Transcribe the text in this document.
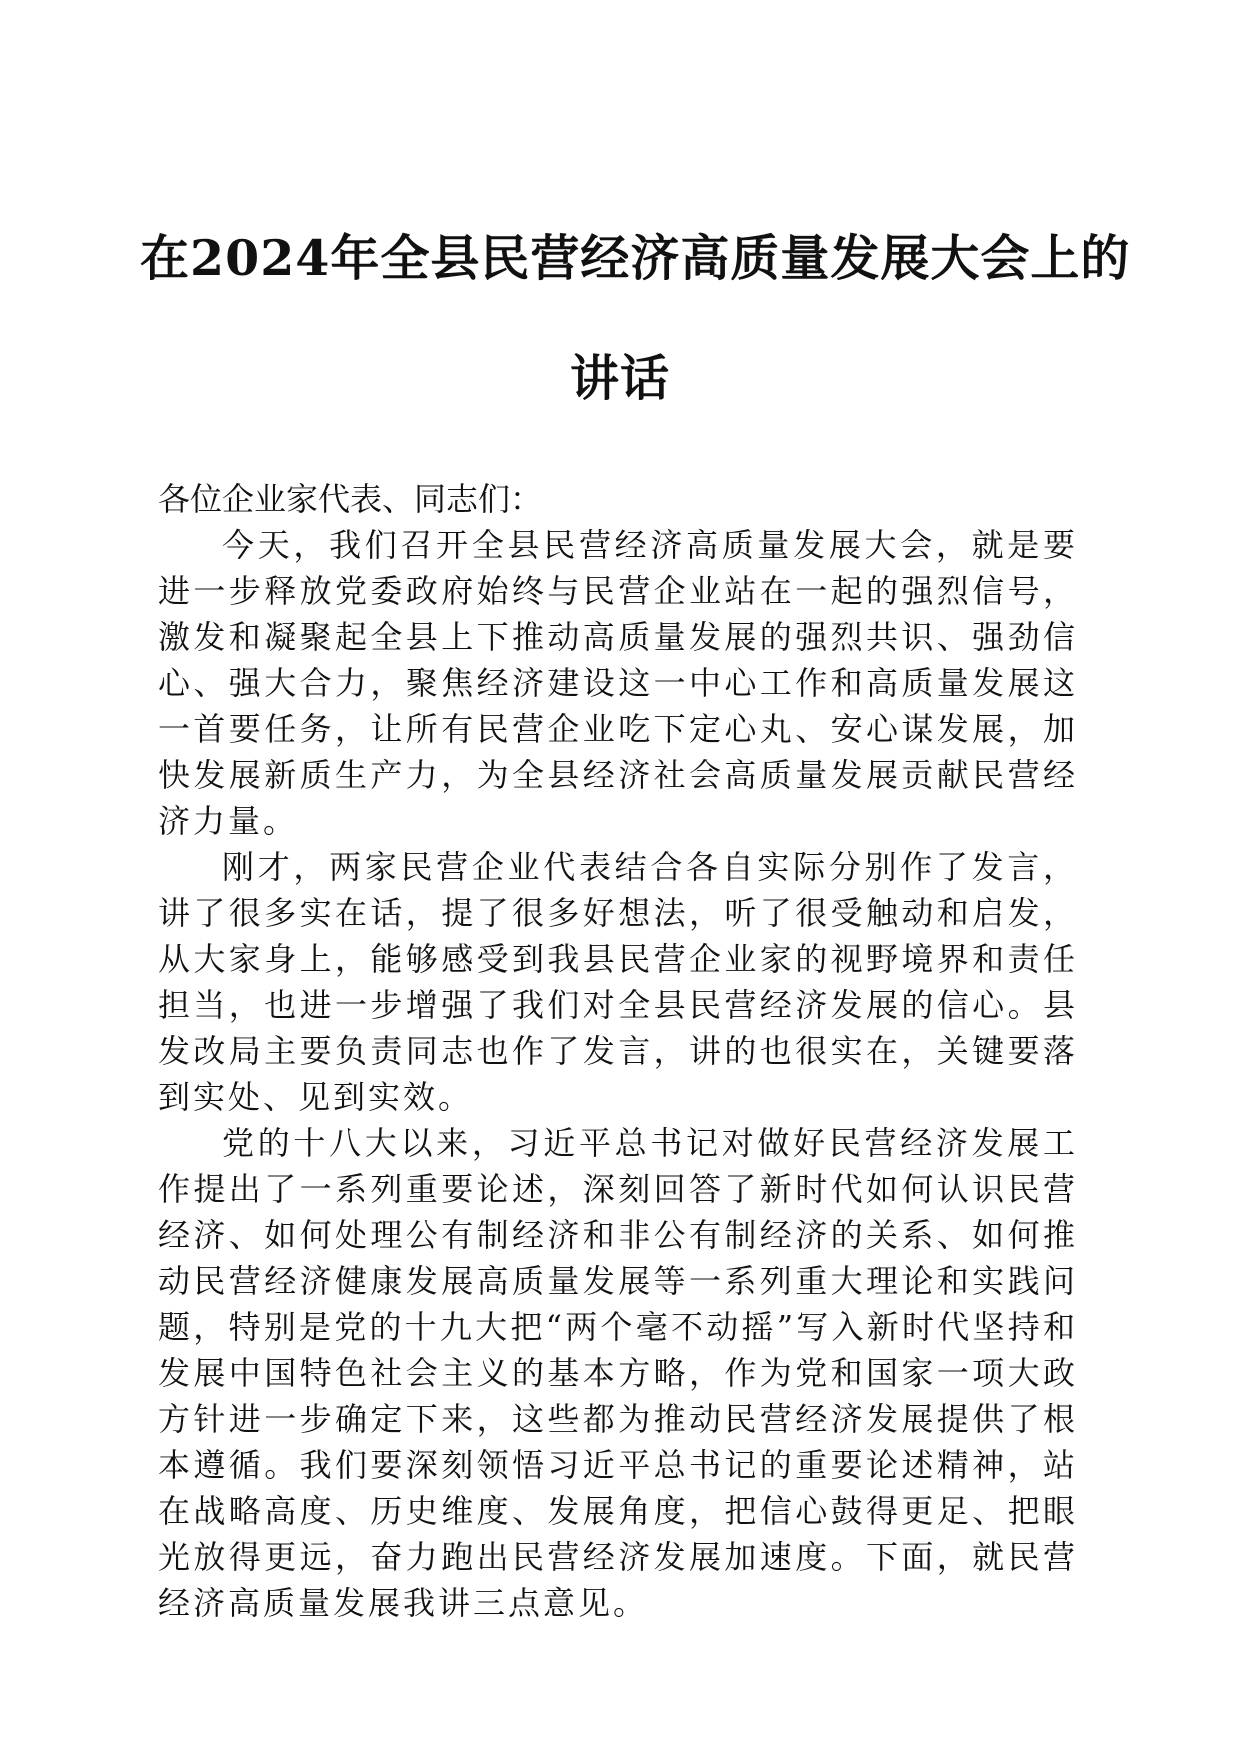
在2024年全县民营经济高质量发展大会上的
讲话

各位企业家代表、同志们：

今天，我们召开全县民营经济高质量发展大会，就是要进一步释放党委政府始终与民营企业站在一起的强烈信号，激发和凝聚起全县上下推动高质量发展的强烈共识、强劲信心、强大合力，聚焦经济建设这一中心工作和高质量发展这一首要任务，让所有民营企业吃下定心丸、安心谋发展，加快发展新质生产力，为全县经济社会高质量发展贡献民营经济力量。

刚才，两家民营企业代表结合各自实际分别作了发言，讲了很多实在话，提了很多好想法，听了很受触动和启发，从大家身上，能够感受到我县民营企业家的视野境界和责任担当，也进一步增强了我们对全县民营经济发展的信心。县发改局主要负责同志也作了发言，讲的也很实在，关键要落到实处、见到实效。

党的十八大以来，习近平总书记对做好民营经济发展工作提出了一系列重要论述，深刻回答了新时代如何认识民营经济、如何处理公有制经济和非公有制经济的关系、如何推动民营经济健康发展高质量发展等一系列重大理论和实践问题，特别是党的十九大把“两个毫不动摇”写入新时代坚持和发展中国特色社会主义的基本方略，作为党和国家一项大政方针进一步确定下来，这些都为推动民营经济发展提供了根本遵循。我们要深刻领悟习近平总书记的重要论述精神，站在战略高度、历史维度、发展角度，把信心鼓得更足、把眼光放得更远，奋力跑出民营经济发展加速度。下面，就民营经济高质量发展我讲三点意见。
